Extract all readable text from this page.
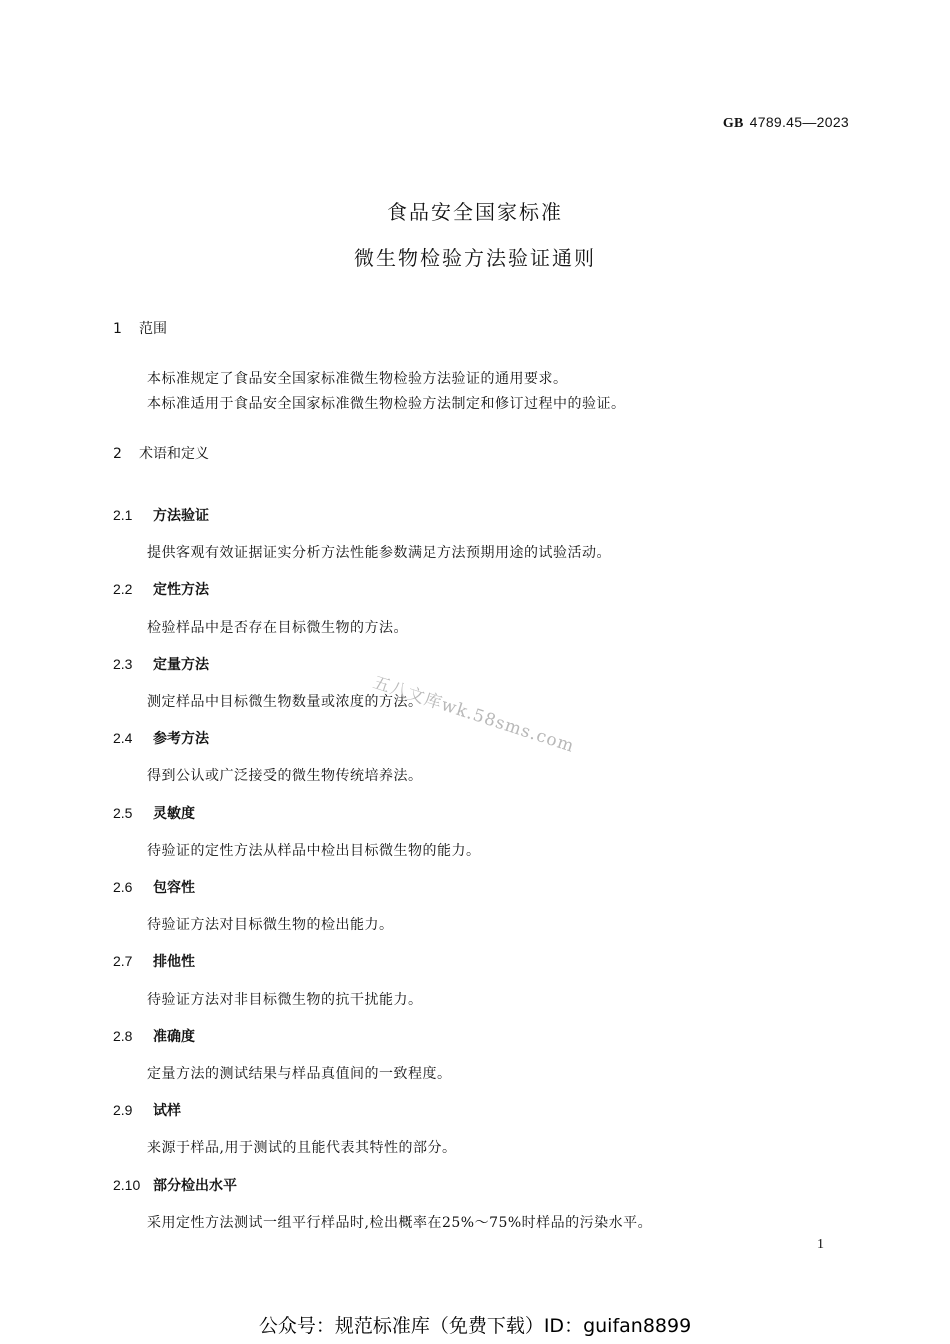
GB 4789.45—2023
食品安全国家标准
微生物检验方法验证通则
1 范围
本标准规定了食品安全国家标准微生物检验方法验证的通用要求。
本标准适用于食品安全国家标准微生物检验方法制定和修订过程中的验证。
2 术语和定义
2.1 方法验证
提供客观有效证据证实分析方法性能参数满足方法预期用途的试验活动。
2.2 定性方法
检验样品中是否存在目标微生物的方法。
2.3 定量方法
测定样品中目标微生物数量或浓度的方法。
2.4 参考方法
得到公认或广泛接受的微生物传统培养法。
2.5 灵敏度
待验证的定性方法从样品中检出目标微生物的能力。
2.6 包容性
待验证方法对目标微生物的检出能力。
2.7 排他性
待验证方法对非目标微生物的抗干扰能力。
2.8 准确度
定量方法的测试结果与样品真值间的一致程度。
2.9 试样
来源于样品,用于测试的且能代表其特性的部分。
2.10 部分检出水平
采用定性方法测试一组平行样品时,检出概率在25%～75%时样品的污染水平。
五八文库wk.58sms.com
1
公众号：规范标准库（免费下载）ID：guifan8899
